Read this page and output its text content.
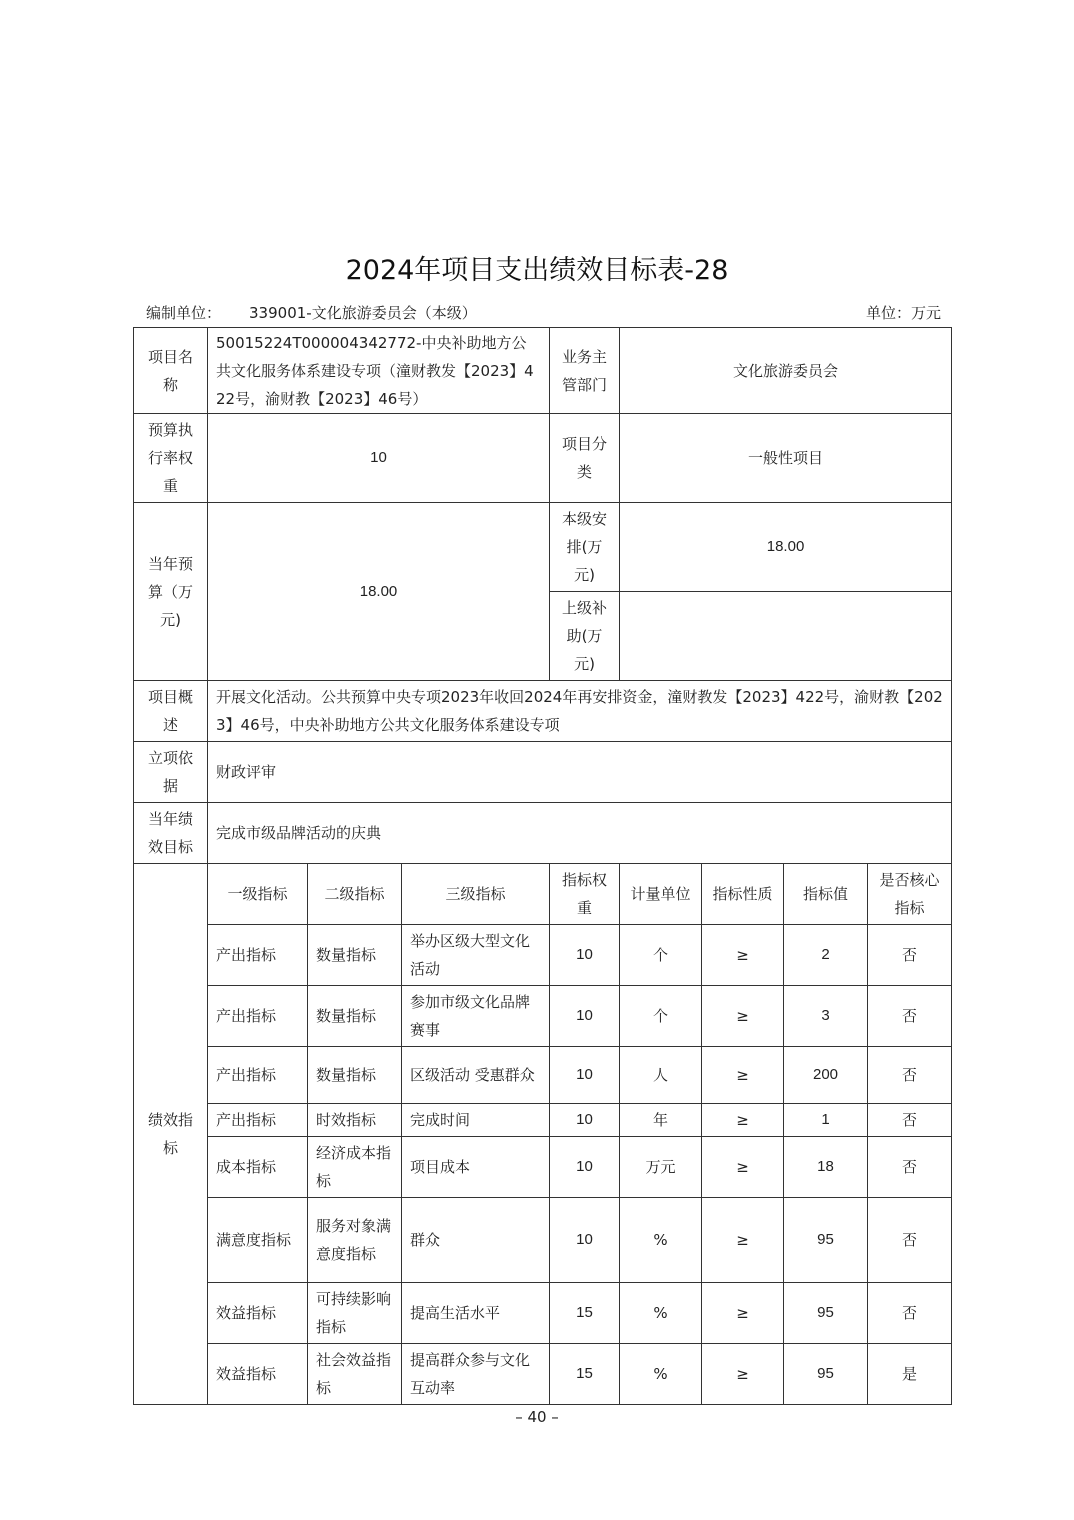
2024年项目支出绩效目标表-28
编制单位： 339001-文化旅游委员会（本级）	单位：万元
项目名称	50015224T000004342772-中央补助地方公共文化服务体系建设专项（潼财教发【2023】422号，渝财教【2023】46号）			业务主管部门	文化旅游委员会			
预算执行率权重	10			项目分类	一般性项目			
当年预算（万元)	18.00			本级安排(万元)	18.00			
				上级补助(万元)				
项目概述	开展文化活动。公共预算中央专项2023年收回2024年再安排资金，潼财教发【2023】422号，渝财教【2023】46号，中央补助地方公共文化服务体系建设专项							
立项依据	财政评审							
当年绩效目标	完成市级品牌活动的庆典							
绩效指标	一级指标	二级指标	三级指标	指标权重	计量单位	指标性质	指标值	是否核心指标
	产出指标	数量指标	举办区级大型文化活动	10	个	≥	2	否
	产出指标	数量指标	参加市级文化品牌赛事	10	个	≥	3	否
	产出指标	数量指标	区级活动 受惠群众	10	人	≥	200	否
	产出指标	时效指标	完成时间	10	年	≥	1	否
	成本指标	经济成本指标	项目成本	10	万元	≥	18	否
	满意度指标	服务对象满意度指标	群众	10	%	≥	95	否
	效益指标	可持续影响指标	提高生活水平	15	%	≥	95	否
	效益指标	社会效益指标	提高群众参与文化互动率	15	%	≥	95	是
– 40 –
